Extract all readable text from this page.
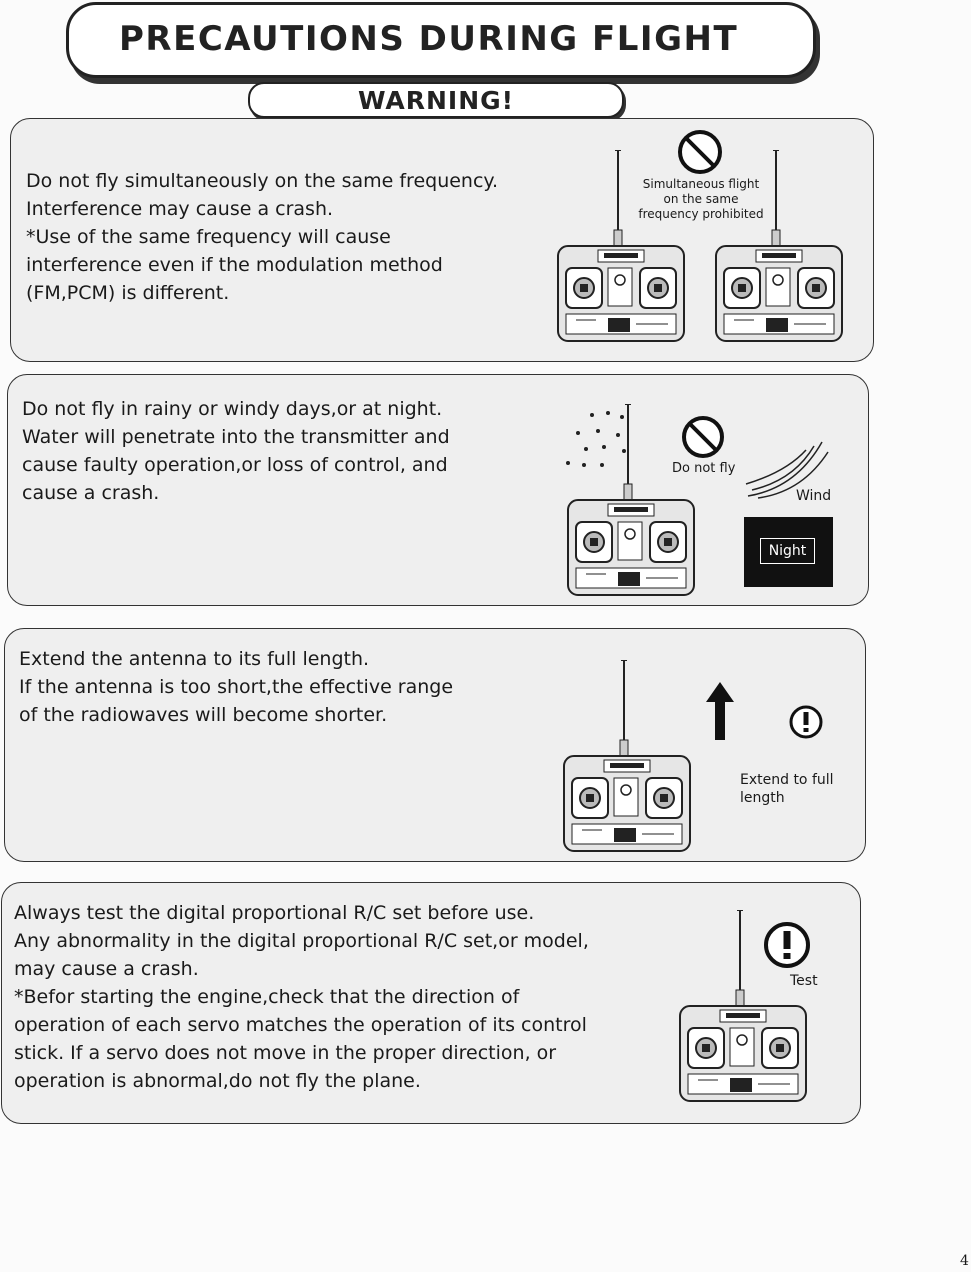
PRECAUTIONS DURING FLIGHT
WARNING!
Do not fly simultaneously on the same frequency.
Interference may cause a crash.
*Use of the same frequency will cause
interference even if the modulation method
(FM,PCM) is different.
Simultaneous flight
on the same
frequency prohibited
Do not fly in rainy or windy days,or at night.
Water will penetrate into the transmitter and
cause faulty operation,or loss of control, and
cause a crash.
Do not fly
Wind
Night
Extend the antenna to its full length.
If the antenna is too short,the effective range
of the radiowaves will become shorter.
Extend to full
length
Always test the digital proportional R/C set before use.
Any abnormality in the digital proportional R/C set,or model,
may cause a crash.
*Befor starting the engine,check that the direction of
operation of each servo matches the operation of its control
stick. If a servo does not move in the proper direction, or
operation is abnormal,do not fly the plane.
Test
4
